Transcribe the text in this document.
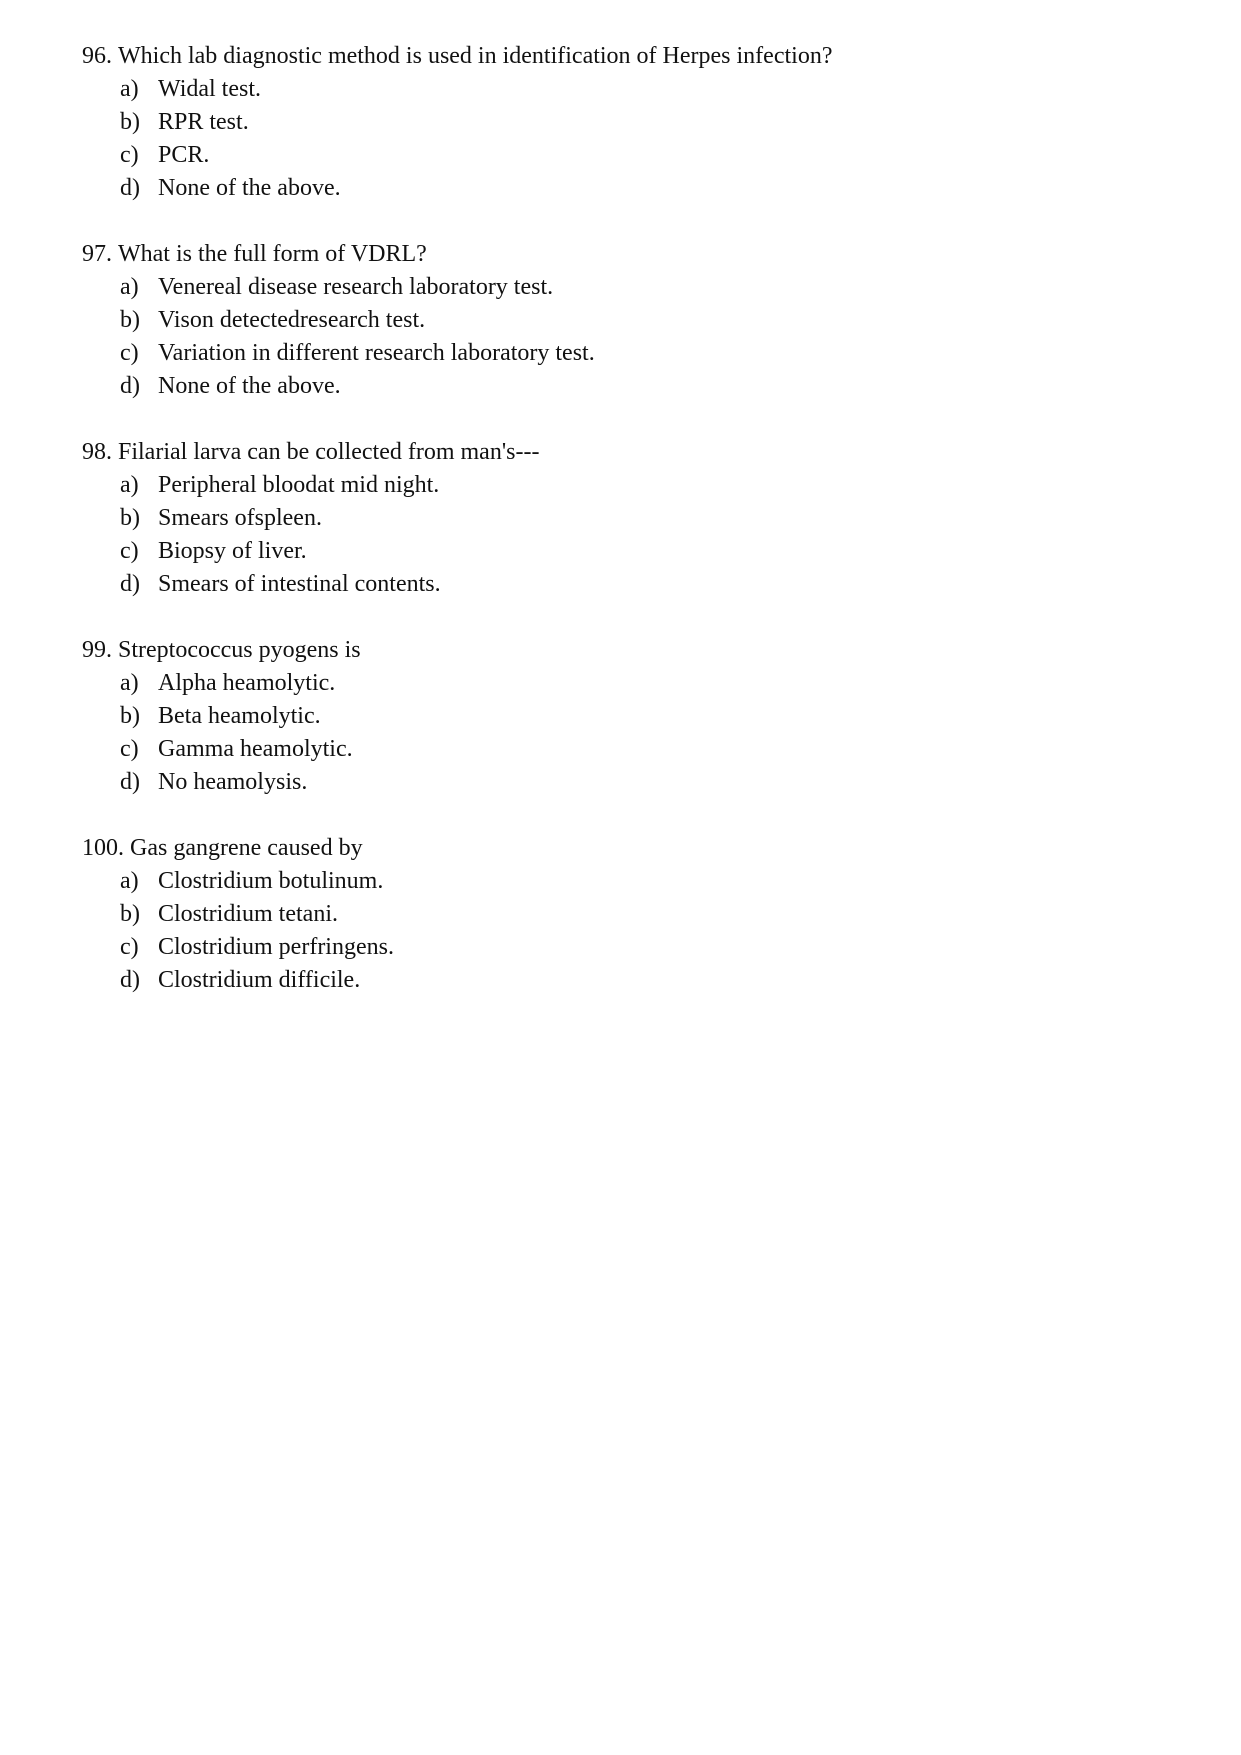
96. Which lab diagnostic method is used in identification of Herpes infection?
a) Widal test.
b) RPR test.
c) PCR.
d) None of the above.
97. What is the full form of VDRL?
a) Venereal disease research laboratory test.
b) Vison detectedresearch test.
c) Variation in different research laboratory test.
d) None of the above.
98. Filarial larva can be collected from man's---
a) Peripheral bloodat mid night.
b) Smears ofspleen.
c) Biopsy of liver.
d) Smears of intestinal contents.
99. Streptococcus pyogens is
a) Alpha heamolytic.
b) Beta heamolytic.
c) Gamma heamolytic.
d) No heamolysis.
100. Gas gangrene caused by
a) Clostridium botulinum.
b) Clostridium tetani.
c) Clostridium perfringens.
d) Clostridium difficile.
